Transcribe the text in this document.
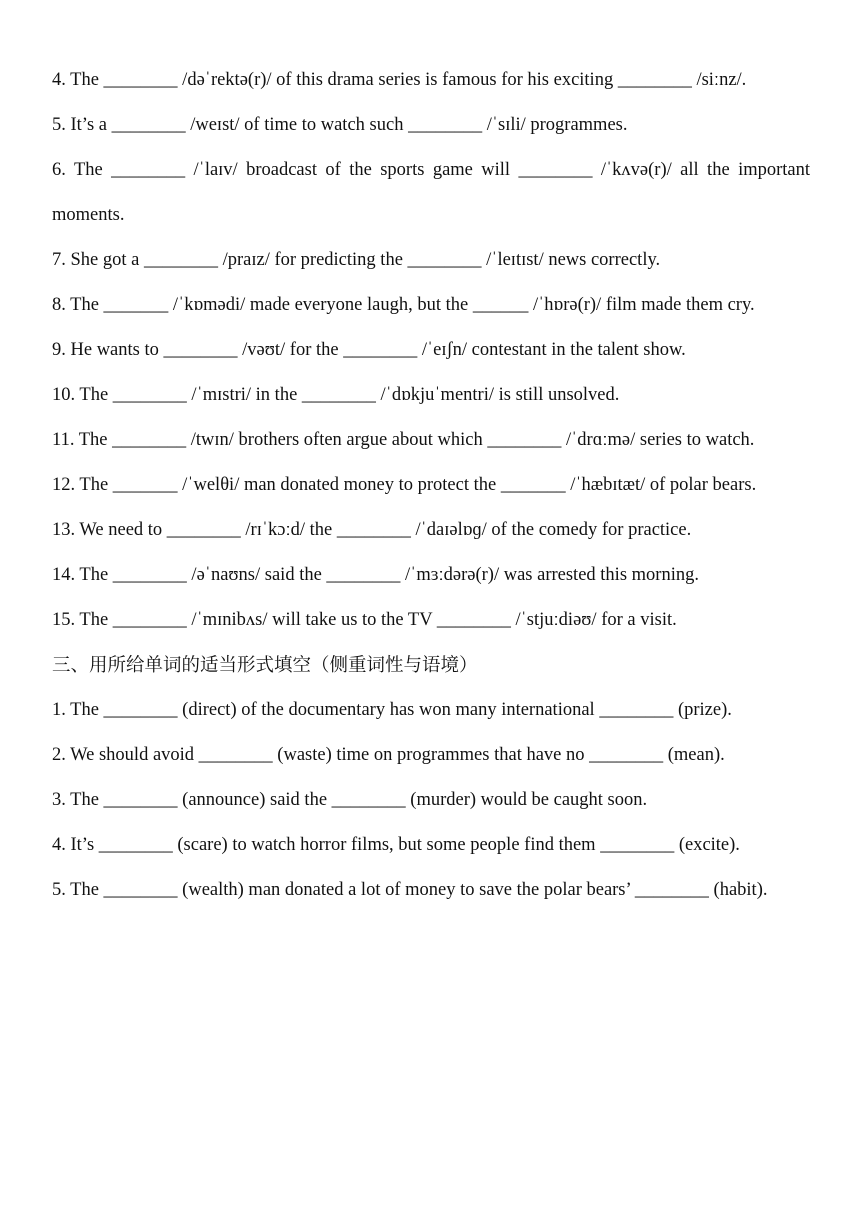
4. The ________ /dəˈrektə(r)/ of this drama series is famous for his exciting ________ /siːnz/.

5. It’s a ________ /weɪst/ of time to watch such ________ /ˈsɪli/ programmes.

6. The ________ /ˈlaɪv/ broadcast of the sports game will ________ /ˈkʌvə(r)/ all the important moments.

7. She got a ________ /praɪz/ for predicting the ________ /ˈleɪtɪst/ news correctly.

8. The _______ /ˈkɒmədi/ made everyone laugh, but the ______ /ˈhɒrə(r)/ film made them cry.

9. He wants to ________ /vəʊt/ for the ________ /ˈeɪʃn/ contestant in the talent show.

10. The ________ /ˈmɪstri/ in the ________ /ˈdɒkjuˈmentri/ is still unsolved.

11. The ________ /twɪn/ brothers often argue about which ________ /ˈdrɑːmə/ series to watch.

12. The _______ /ˈwelθi/ man donated money to protect the _______ /ˈhæbɪtæt/ of polar bears.

13. We need to ________ /rɪˈkɔːd/ the ________ /ˈdaɪəlɒɡ/ of the comedy for practice.

14. The ________ /əˈnaʊns/ said the ________ /ˈmɜːdərə(r)/ was arrested this morning.

15. The ________ /ˈmɪnibʌs/ will take us to the TV ________ /ˈstjuːdiəʊ/ for a visit.

三、用所给单词的适当形式填空（侧重词性与语境）

1. The ________ (direct) of the documentary has won many international ________ (prize).

2. We should avoid ________ (waste) time on programmes that have no ________ (mean).

3. The ________ (announce) said the ________ (murder) would be caught soon.

4. It’s ________ (scare) to watch horror films, but some people find them ________ (excite).

5. The ________ (wealth) man donated a lot of money to save the polar bears’ ________ (habit).
